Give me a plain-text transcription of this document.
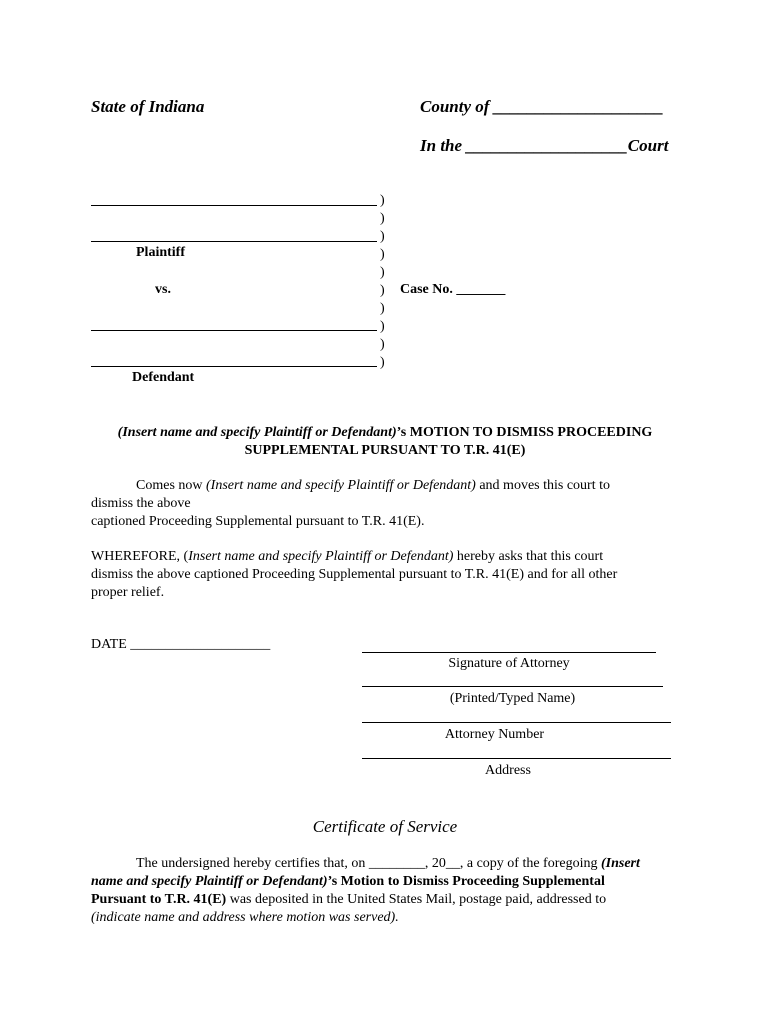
State of Indiana	County of ____________________
In the ___________________Court
Plaintiff
vs.
Defendant
)
)
)
)
)
)
)
)
)
)
Case No. _______
(Insert name and specify Plaintiff or Defendant)’s MOTION TO DISMISS PROCEEDING
SUPPLEMENTAL PURSUANT TO T.R. 41(E)
Comes now (Insert name and specify Plaintiff or Defendant) and moves this court to
dismiss the above
captioned Proceeding Supplemental pursuant to T.R. 41(E).
WHEREFORE, (Insert name and specify Plaintiff or Defendant) hereby asks that this court
dismiss the above captioned Proceeding Supplemental pursuant to T.R. 41(E) and for all other
proper relief.
DATE ____________________
Signature of Attorney
(Printed/Typed Name)
Attorney Number
Address
Certificate of Service
The undersigned hereby certifies that, on ________, 20__, a copy of the foregoing (Insert
name and specify Plaintiff or Defendant)’s Motion to Dismiss Proceeding Supplemental
Pursuant to T.R. 41(E) was deposited in the United States Mail, postage paid, addressed to
(indicate name and address where motion was served).
